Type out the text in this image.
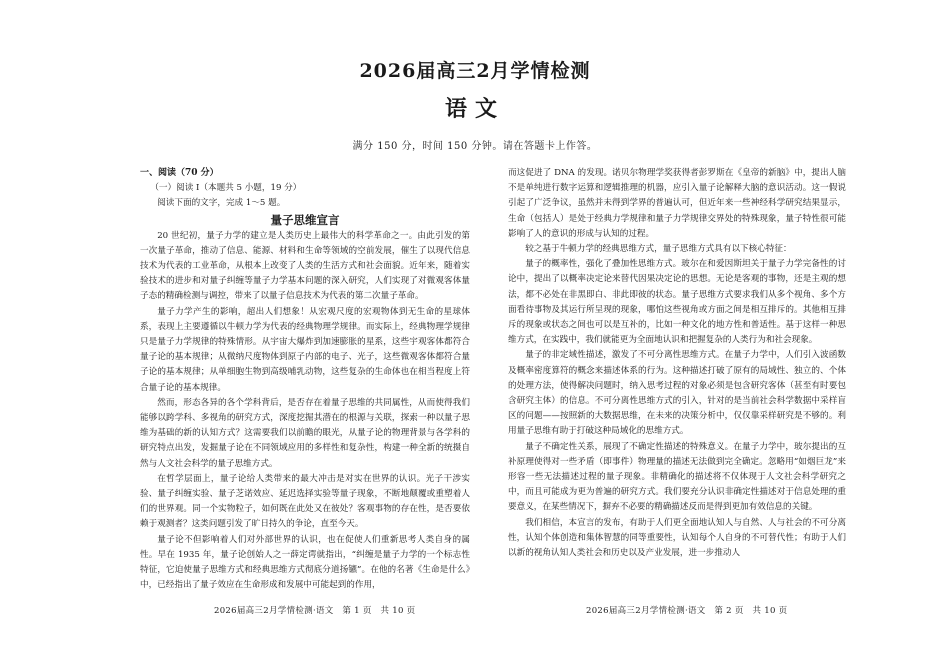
2026届高三2月学情检测
语文
满分 150 分，时间 150 分钟。请在答题卡上作答。

一、阅读（70 分）

（一）阅读 I（本题共 5 小题，19 分）

阅读下面的文字，完成 1～5 题。

量子思维宣言

20 世纪初，量子力学的建立是人类历史上最伟大的科学革命之一。由此引发的第一次量子革命，推动了信息、能源、材料和生命等领域的空前发展，催生了以现代信息技术为代表的工业革命，从根本上改变了人类的生活方式和社会面貌。近年来，随着实验技术的进步和对量子纠缠等量子力学基本问题的深入研究，人们实现了对微观客体量子态的精确检测与调控，带来了以量子信息技术为代表的第二次量子革命。

量子力学产生的影响，超出人们想象！从宏观尺度的宏观物体到无生命的星球体系，表现上主要遵循以牛顿力学为代表的经典物理学规律。而实际上，经典物理学规律只是量子力学规律的特殊情形。从宇宙大爆炸到加速膨胀的星系，这些宇观客体都符合量子论的基本规律；从微纳尺度物体到原子内部的电子、光子，这些微观客体都符合量子论的基本规律；从单细胞生物到高级哺乳动物，这些复杂的生命体也在相当程度上符合量子论的基本规律。

然而，形态各异的各个学科背后，是否存在着量子思维的共同属性，从而使得我们能够以跨学科、多视角的研究方式，深度挖掘其潜在的根源与关联，探索一种以量子思维为基础的新的认知方式？这需要我们以前瞻的眼光，从量子论的物理背景与各学科的研究特点出发，发掘量子论在不同领域应用的多样性和复杂性，构建一种全新的统摄自然与人文社会科学的量子思维方式。

在哲学层面上，量子论给人类带来的最大冲击是对实在世界的认识。光子干涉实验、量子纠缠实验、量子芝诺效应、延迟选择实验等量子现象，不断地颠覆或重塑着人们的世界观。同一个实物粒子，如何既在此处又在彼处？客观事物的存在性，是否要依赖于观测者？这类问题引发了旷日持久的争论，直至今天。

量子论不但影响着人们对外部世界的认识，也在促使人们重新思考人类自身的属性。早在 1935 年，量子论创始人之一薛定谔就指出，“纠缠是量子力学的一个标志性特征，它迫使量子思维方式和经典思维方式彻底分道扬镳”。在他的名著《生命是什么》中，已经指出了量子效应在生命形成和发展中可能起到的作用，

而这促进了 DNA 的发现。诺贝尔物理学奖获得者彭罗斯在《皇帝的新脑》中，提出人脑不是单纯进行数字运算和逻辑推理的机器，应引入量子论解释大脑的意识活动。这一假说引起了广泛争议，虽然并未得到学界的普遍认可，但近年来一些神经科学研究结果显示，生命（包括人）是处于经典力学规律和量子力学规律交界处的特殊现象，量子特性很可能影响了人的意识的形成与认知的过程。

较之基于牛顿力学的经典思维方式，量子思维方式具有以下核心特征：

量子的概率性，强化了叠加性思维方式。玻尔在和爱因斯坦关于量子力学完备性的讨论中，提出了以概率决定论来替代因果决定论的思想。无论是客观的事物，还是主观的想法，都不必处在非黑即白、非此即彼的状态。量子思维方式要求我们从多个视角、多个方面看待事物及其运行所呈现的现象，哪怕这些视角或方面之间是相互排斥的。其他相互排斥的现象或状态之间也可以是互补的，比如一种文化的地方性和普适性。基于这样一种思维方式，在实践中，我们就能更为全面地认识和把握复杂的人类行为和社会现象。

量子的非定域性描述，激发了不可分离性思维方式。在量子力学中，人们引入波函数及概率密度算符的概念来描述体系的行为。这种描述打破了原有的局域性、独立的、个体的处理方法，使得解决问题时，纳入思考过程的对象必须是包含研究客体（甚至有时要包含研究主体）的信息。不可分离性思维方式的引入，针对的是当前社会科学数据中采样盲区的问题——按照新的大数据思维，在未来的决策分析中，仅仅靠采样研究是不够的。利用量子思维有助于打破这种局域化的思维方式。

量子不确定性关系，展现了不确定性描述的特殊意义。在量子力学中，玻尔提出的互补原理使得对一些矛盾（即事件）物理量的描述无法做到完全确定。忽略用“如烟巨龙”来形容一些无法描述过程的量子现象。非精确化的描述将不仅体现于人文社会科学研究之中，而且可能成为更为普遍的研究方式。我们要充分认识非确定性描述对于信息处理的重要意义，在某些情况下，摒弃不必要的精确描述反而是得到更加有效信息的关键。

我们相信，本宣言的发布，有助于人们更全面地认知人与自然、人与社会的不可分离性，认知个体创造和集体智慧的同等重要性，认知每个人自身的不可替代性；有助于人们以新的视角认知人类社会和历史以及产业发展，进一步推动人

2026届高三2月学情检测·语文　第 1 页　共 10 页	2026届高三2月学情检测·语文　第 2 页　共 10 页
